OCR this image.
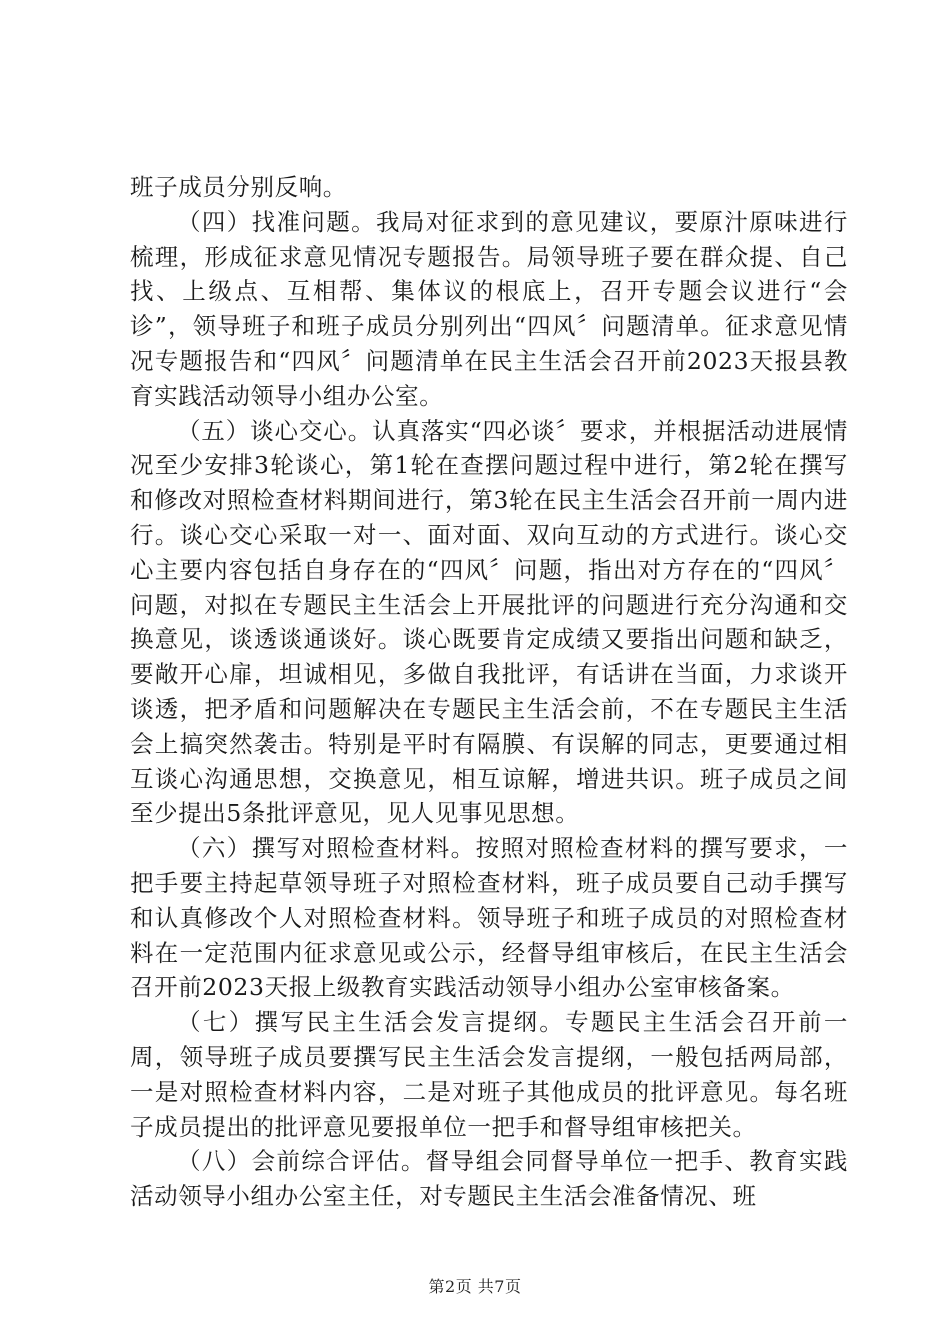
班子成员分别反响。

（四）找准问题。我局对征求到的意见建议，要原汁原味进行梳理，形成征求意见情况专题报告。局领导班子要在群众提、自己找、上级点、互相帮、集体议的根底上，召开专题会议进行“会诊”，领导班子和班子成员分别列出“四风〞问题清单。征求意见情况专题报告和“四风〞问题清单在民主生活会召开前2023天报县教育实践活动领导小组办公室。

（五）谈心交心。认真落实“四必谈〞要求，并根据活动进展情况至少安排3轮谈心，第1轮在查摆问题过程中进行，第2轮在撰写和修改对照检查材料期间进行，第3轮在民主生活会召开前一周内进行。谈心交心采取一对一、面对面、双向互动的方式进行。谈心交心主要内容包括自身存在的“四风〞问题，指出对方存在的“四风〞问题，对拟在专题民主生活会上开展批评的问题进行充分沟通和交换意见，谈透谈通谈好。谈心既要肯定成绩又要指出问题和缺乏，要敞开心扉，坦诚相见，多做自我批评，有话讲在当面，力求谈开谈透，把矛盾和问题解决在专题民主生活会前，不在专题民主生活会上搞突然袭击。特别是平时有隔膜、有误解的同志，更要通过相互谈心沟通思想，交换意见，相互谅解，增进共识。班子成员之间至少提出5条批评意见，见人见事见思想。

（六）撰写对照检查材料。按照对照检查材料的撰写要求，一把手要主持起草领导班子对照检查材料，班子成员要自己动手撰写和认真修改个人对照检查材料。领导班子和班子成员的对照检查材料在一定范围内征求意见或公示，经督导组审核后，在民主生活会召开前2023天报上级教育实践活动领导小组办公室审核备案。

（七）撰写民主生活会发言提纲。专题民主生活会召开前一周，领导班子成员要撰写民主生活会发言提纲，一般包括两局部，一是对照检查材料内容，二是对班子其他成员的批评意见。每名班子成员提出的批评意见要报单位一把手和督导组审核把关。

（八）会前综合评估。督导组会同督导单位一把手、教育实践活动领导小组办公室主任，对专题民主生活会准备情况、班

第2页 共7页
